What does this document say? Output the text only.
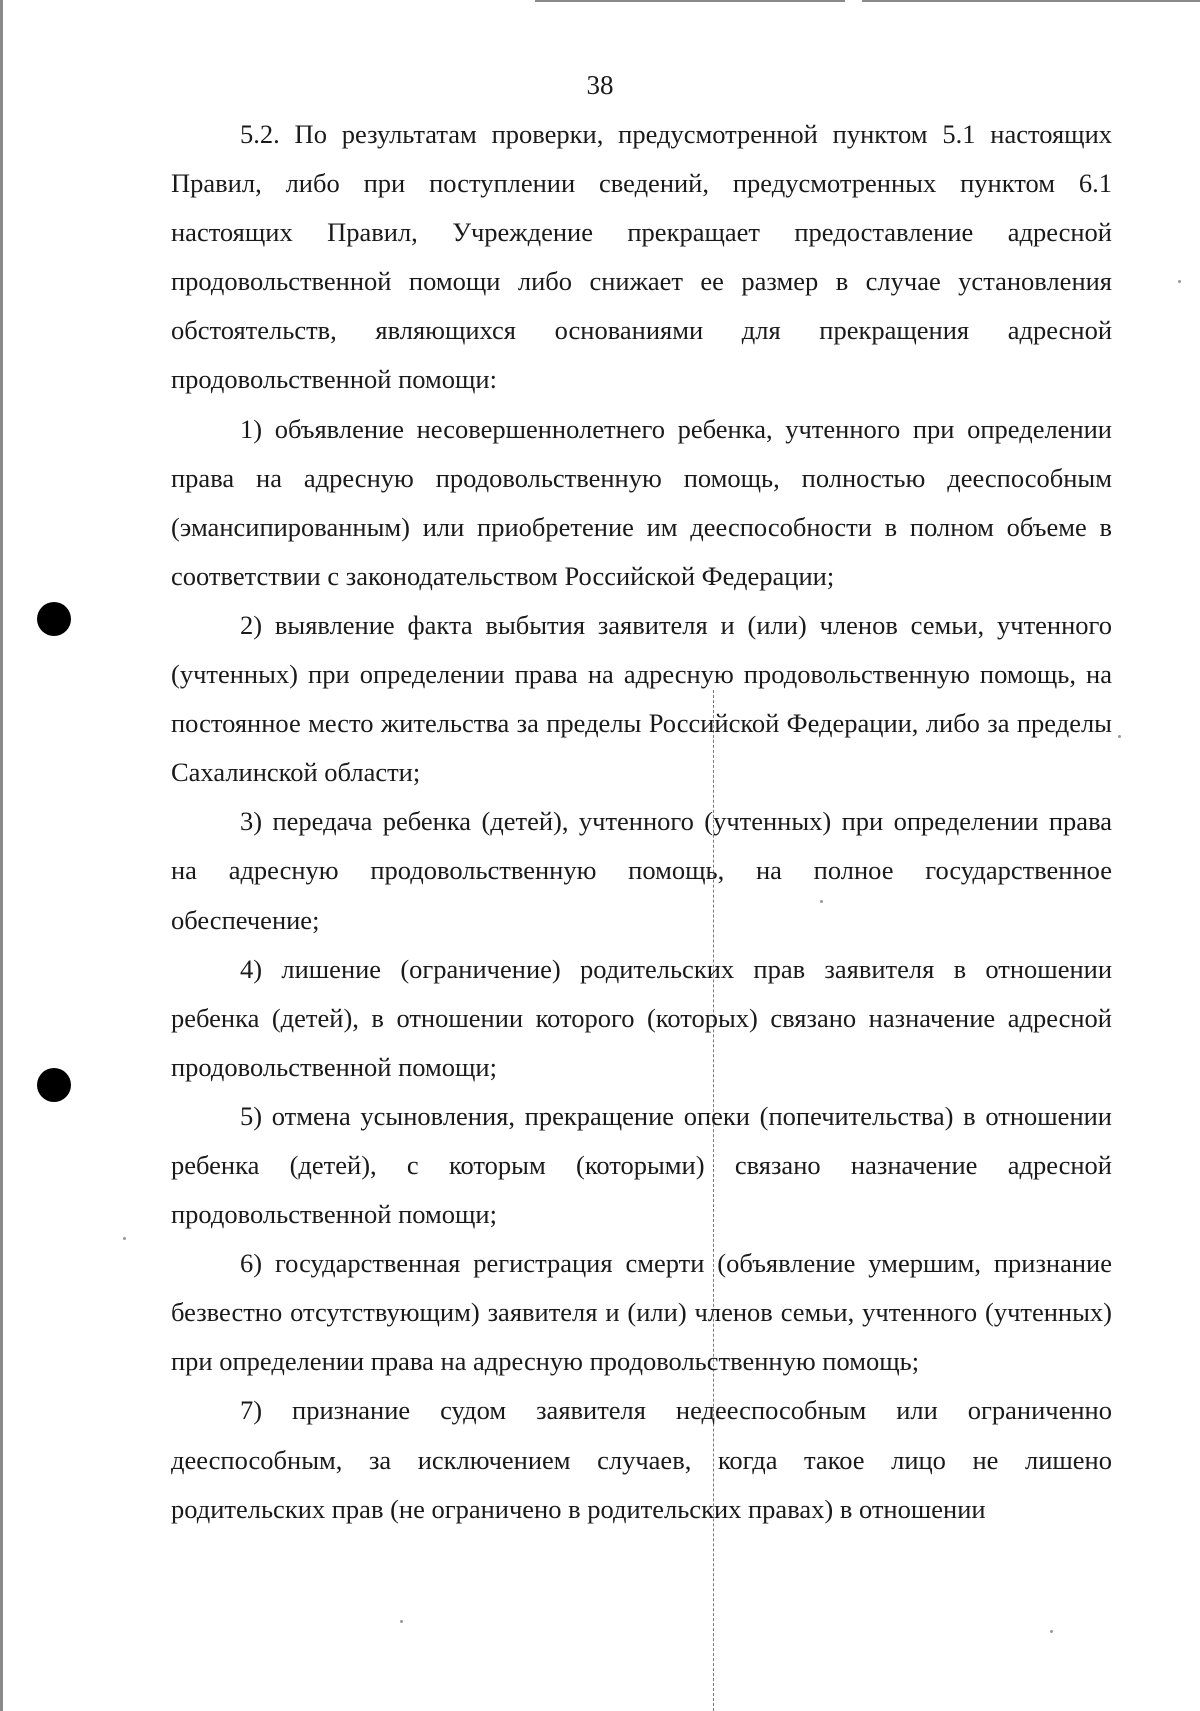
38

5.2. По результатам проверки, предусмотренной пунктом 5.1 настоящих Правил, либо при поступлении сведений, предусмотренных пунктом 6.1 настоящих Правил, Учреждение прекращает предоставление адресной продовольственной помощи либо снижает ее размер в случае установления обстоятельств, являющихся основаниями для прекращения адресной продовольственной помощи:

1) объявление несовершеннолетнего ребенка, учтенного при определении права на адресную продовольственную помощь, полностью дееспособным (эмансипированным) или приобретение им дееспособности в полном объеме в соответствии с законодательством Российской Федерации;

2) выявление факта выбытия заявителя и (или) членов семьи, учтенного (учтенных) при определении права на адресную продовольственную помощь, на постоянное место жительства за пределы Российской Федерации, либо за пределы Сахалинской области;

3) передача ребенка (детей), учтенного (учтенных) при определении права на адресную продовольственную помощь, на полное государственное обеспечение;

4) лишение (ограничение) родительских прав заявителя в отношении ребенка (детей), в отношении которого (которых) связано назначение адресной продовольственной помощи;

5) отмена усыновления, прекращение опеки (попечительства) в отношении ребенка (детей), с которым (которыми) связано назначение адресной продовольственной помощи;

6) государственная регистрация смерти (объявление умершим, признание безвестно отсутствующим) заявителя и (или) членов семьи, учтенного (учтенных) при определении права на адресную продовольственную помощь;

7) признание судом заявителя недееспособным или ограниченно дееспособным, за исключением случаев, когда такое лицо не лишено родительских прав (не ограничено в родительских правах) в отношении
